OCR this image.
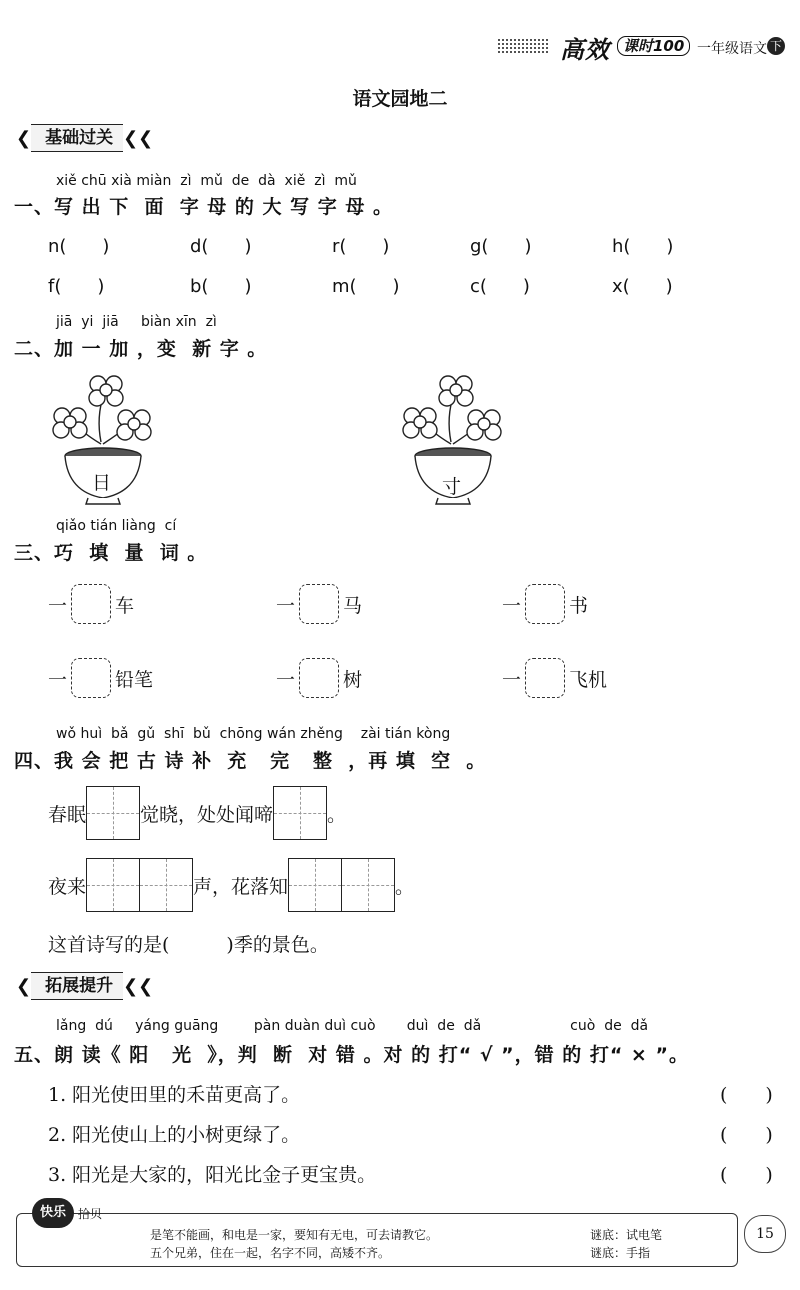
高效 课时100 一年级语文 下
语文园地二
❮ 基础过关 ❮❮
xiě chū xià miàn  zì  mǔ  de  dà  xiě  zì  mǔ
一、写 出 下  面  字 母 的 大 写 字 母 。
n(　　)	d(　　)	r(　　)	g(　　)	h(　　)
f(　　)	b(　　)	m(　　)	c(　　)	x(　　)
jiā  yi  jiā     biàn xīn  zì
二、加 一 加 ，变  新 字 。
日	寸
qiǎo tián liàng  cí
三、巧  填  量  词 。
一	车	一	马	一	书
一	铅笔	一	树	一	飞机
wǒ huì  bǎ  gǔ  shī  bǔ  chōng wán zhěng    zài tián kòng
四、我 会 把 古 诗 补  充   完   整  ，再 填  空  。
春眠	觉晓，处处闻啼	。
夜来	声，花落知	。
这首诗写的是(　　　)季的景色。
❮ 拓展提升 ❮❮
lǎng  dú     yáng guāng        pàn duàn duì cuò       duì  de  dǎ                    cuò  de  dǎ
五、朗 读《 阳   光  》，判  断  对 错 。对 的 打“ √ ”，错 的 打“ × ”。
1. 阳光使田里的禾苗更高了。	(　　)
2. 阳光使山上的小树更绿了。	(　　)
3. 阳光是大家的，阳光比金子更宝贵。	(　　)
快乐	拾贝
是笔不能画，和电是一家，要知有无电，可去请教它。	谜底：试电笔
五个兄弟，住在一起，名字不同，高矮不齐。	谜底：手指
15
